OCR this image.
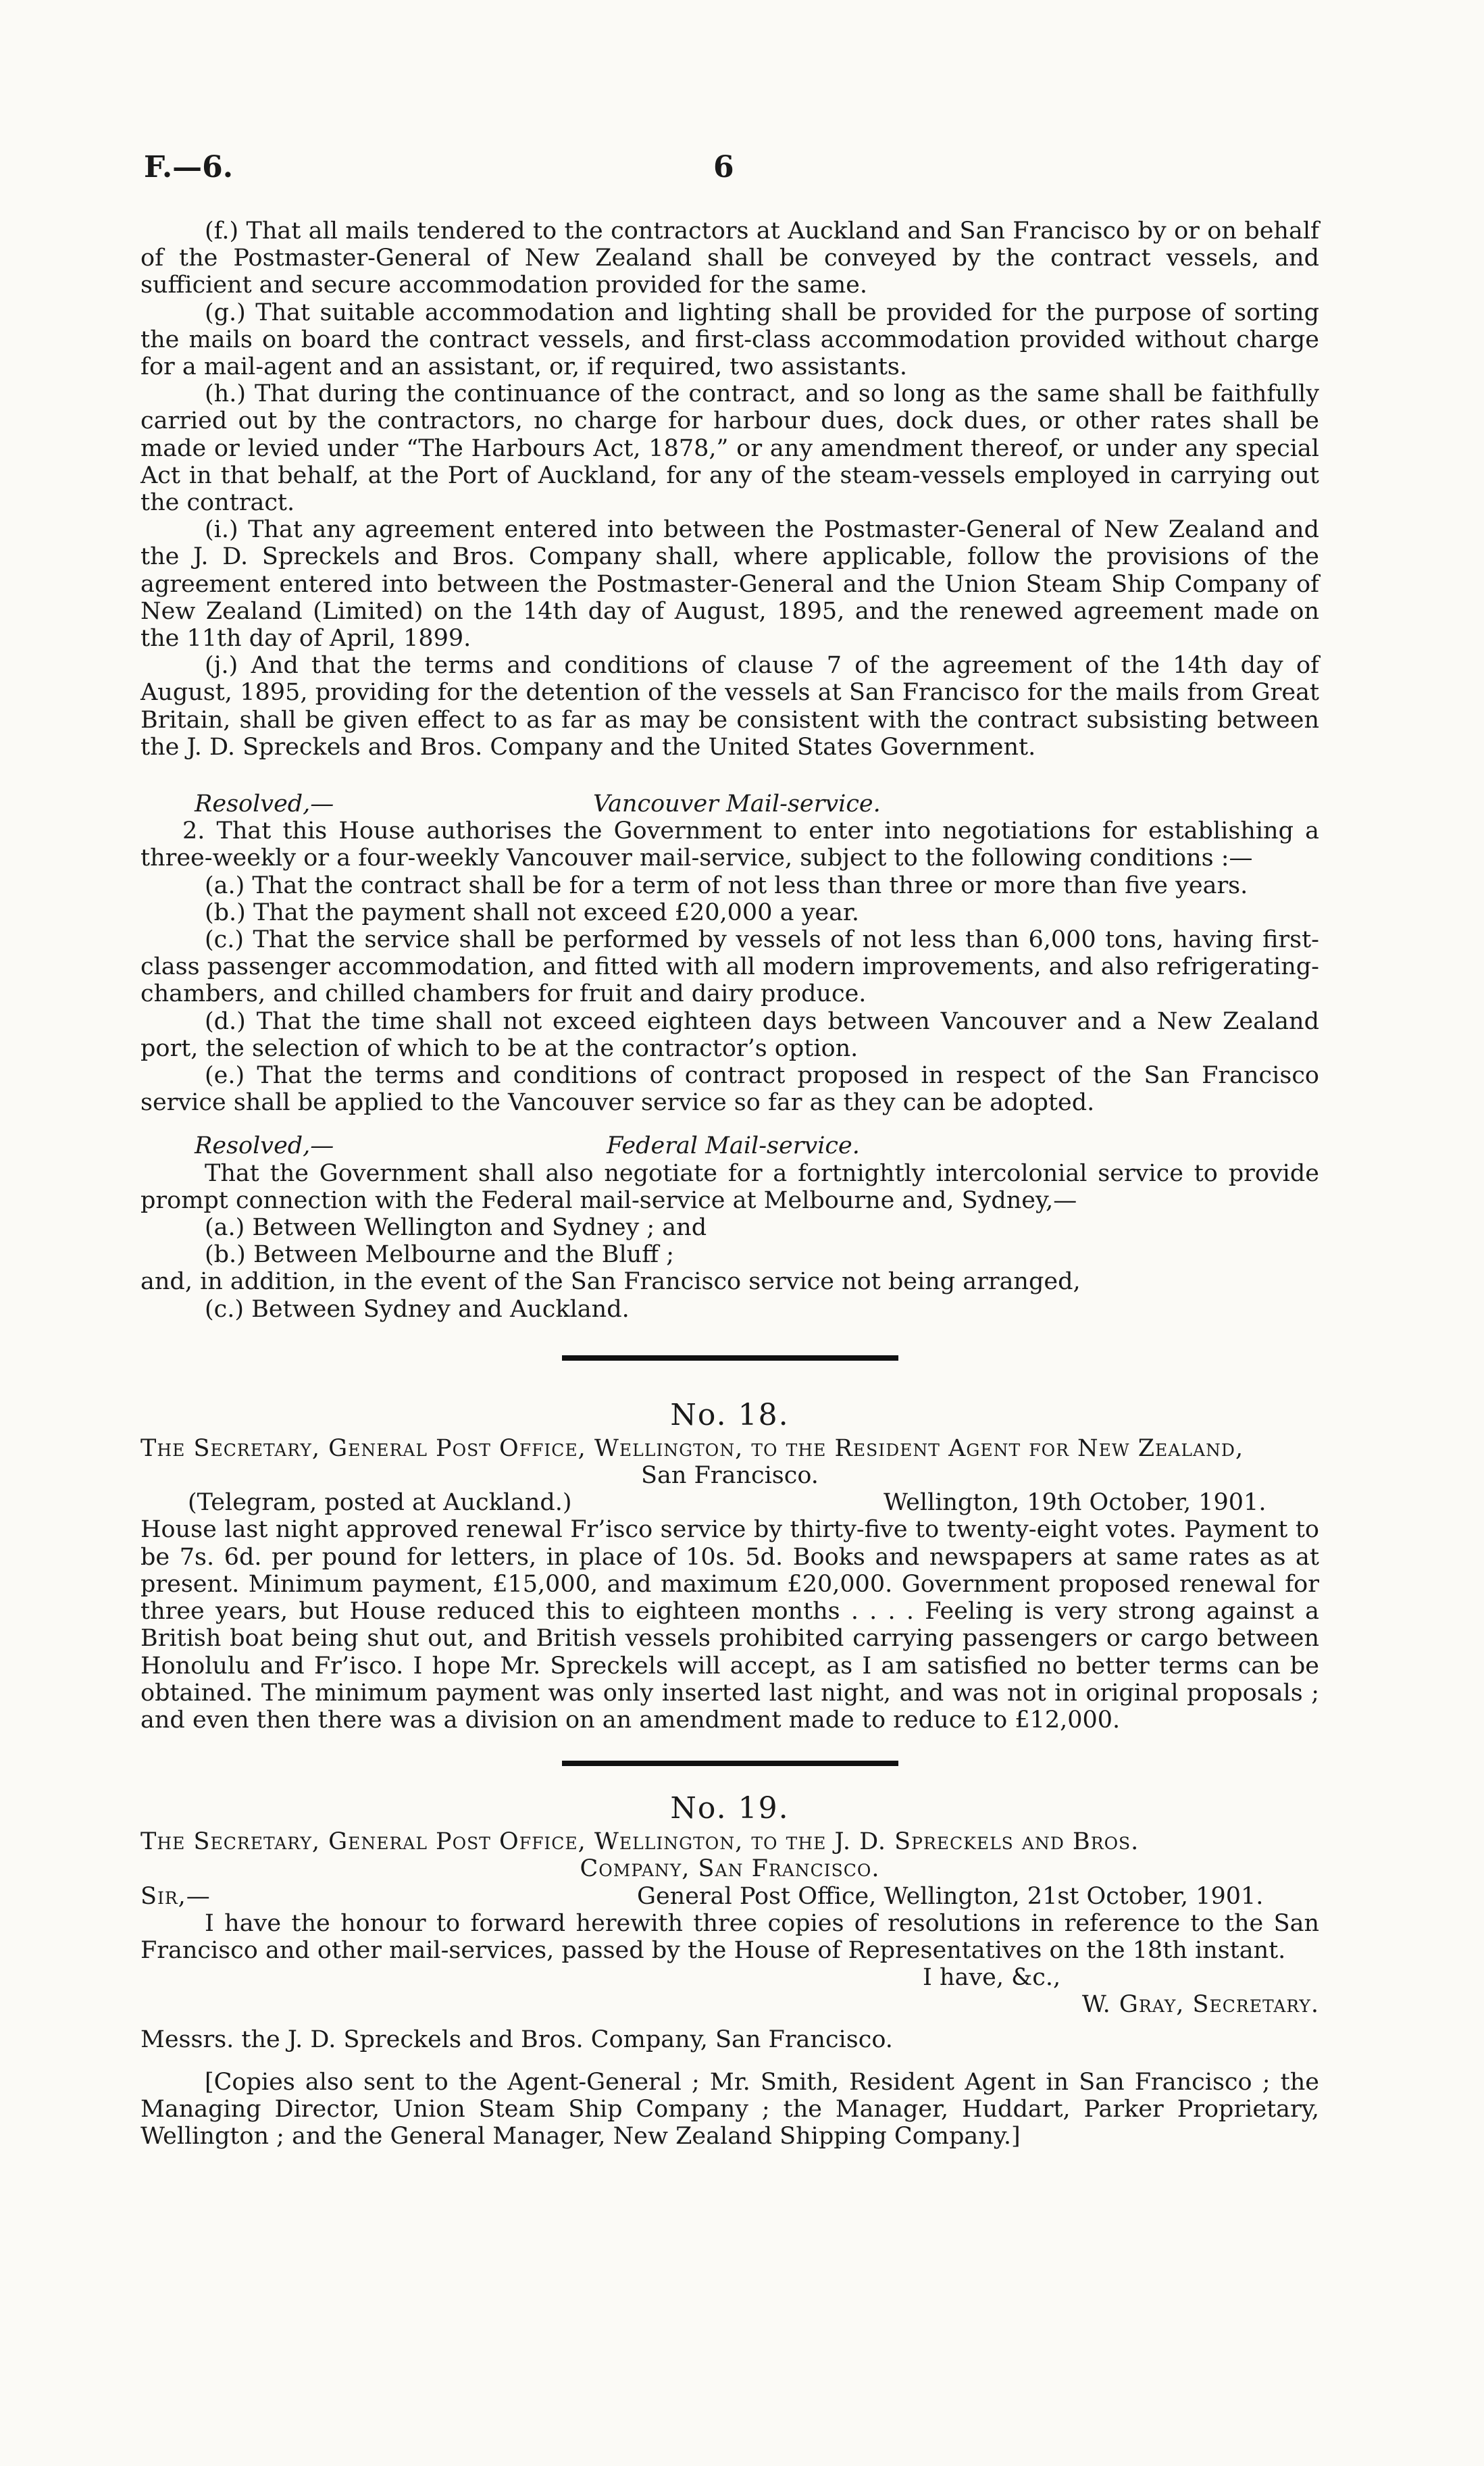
F.—6.	6

(f.) That all mails tendered to the contractors at Auckland and San Francisco by or on behalf of the Postmaster-General of New Zealand shall be conveyed by the contract vessels, and sufficient and secure accommodation provided for the same.

(g.) That suitable accommodation and lighting shall be provided for the purpose of sorting the mails on board the contract vessels, and first-class accommodation provided without charge for a mail-agent and an assistant, or, if required, two assistants.

(h.) That during the continuance of the contract, and so long as the same shall be faithfully carried out by the contractors, no charge for harbour dues, dock dues, or other rates shall be made or levied under “The Harbours Act, 1878,” or any amendment thereof, or under any special Act in that behalf, at the Port of Auckland, for any of the steam-vessels employed in carrying out the contract.

(i.) That any agreement entered into between the Postmaster-General of New Zealand and the J. D. Spreckels and Bros. Company shall, where applicable, follow the provisions of the agreement entered into between the Postmaster-General and the Union Steam Ship Company of New Zealand (Limited) on the 14th day of August, 1895, and the renewed agreement made on the 11th day of April, 1899.

(j.) And that the terms and conditions of clause 7 of the agreement of the 14th day of August, 1895, providing for the detention of the vessels at San Francisco for the mails from Great Britain, shall be given effect to as far as may be consistent with the contract subsisting between the J. D. Spreckels and Bros. Company and the United States Government.

Resolved,—	Vancouver Mail-service.

2. That this House authorises the Government to enter into negotiations for establishing a three-weekly or a four-weekly Vancouver mail-service, subject to the following conditions :—

(a.) That the contract shall be for a term of not less than three or more than five years.

(b.) That the payment shall not exceed £20,000 a year.

(c.) That the service shall be performed by vessels of not less than 6,000 tons, having first-class passenger accommodation, and fitted with all modern improvements, and also refrigerating-chambers, and chilled chambers for fruit and dairy produce.

(d.) That the time shall not exceed eighteen days between Vancouver and a New Zealand port, the selection of which to be at the contractor’s option.

(e.) That the terms and conditions of contract proposed in respect of the San Francisco service shall be applied to the Vancouver service so far as they can be adopted.

Resolved,—	Federal Mail-service.

That the Government shall also negotiate for a fortnightly intercolonial service to provide prompt connection with the Federal mail-service at Melbourne and, Sydney,—

(a.) Between Wellington and Sydney ; and

(b.) Between Melbourne and the Bluff ;

and, in addition, in the event of the San Francisco service not being arranged,

(c.) Between Sydney and Auckland.

No. 18.

The Secretary, General Post Office, Wellington, to the Resident Agent for New Zealand,

San Francisco.

(Telegram, posted at Auckland.)	Wellington, 19th October, 1901.

House last night approved renewal Fr’isco service by thirty-five to twenty-eight votes. Payment to be 7s. 6d. per pound for letters, in place of 10s. 5d. Books and newspapers at same rates as at present. Minimum payment, £15,000, and maximum £20,000. Government proposed renewal for three years, but House reduced this to eighteen months . . . . Feeling is very strong against a British boat being shut out, and British vessels prohibited carrying passengers or cargo between Honolulu and Fr’isco. I hope Mr. Spreckels will accept, as I am satisfied no better terms can be obtained. The minimum payment was only inserted last night, and was not in original proposals ; and even then there was a division on an amendment made to reduce to £12,000.

No. 19.

The Secretary, General Post Office, Wellington, to the J. D. Spreckels and Bros.

Company, San Francisco.

Sir,—	General Post Office, Wellington, 21st October, 1901.

I have the honour to forward herewith three copies of resolutions in reference to the San Francisco and other mail-services, passed by the House of Representatives on the 18th instant.

I have, &c.,
W. Gray, Secretary.

Messrs. the J. D. Spreckels and Bros. Company, San Francisco.

[Copies also sent to the Agent-General ; Mr. Smith, Resident Agent in San Francisco ; the Managing Director, Union Steam Ship Company ; the Manager, Huddart, Parker Proprietary, Wellington ; and the General Manager, New Zealand Shipping Company.]
